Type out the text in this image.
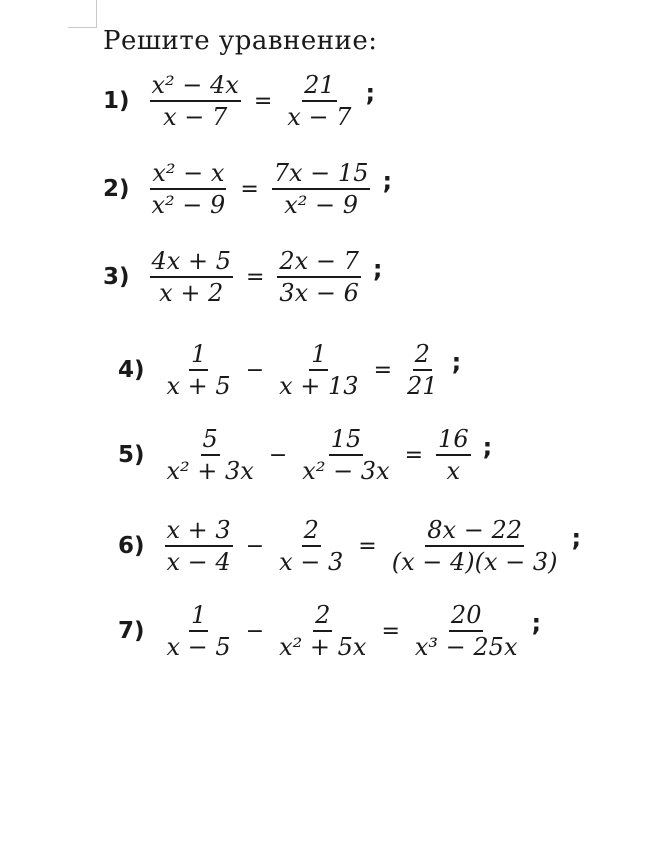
Решите уравнение:
$1) \frac{\text{x² − 4x}}{x - 7} = \frac{21}{x - 7}$ ;
$2) \frac{\text{x² − x}}{\text{x² − 9}} = \frac{7x - 15}{\text{x² − 9}}$ ;
$3) \frac{4x + 5}{x + 2} = \frac{2x - 7}{3x - 6}$ ;
$4) \frac{1}{x + 5} - \frac{1}{x + 13} = \frac{2}{21}$ ;
$5) \frac{5}{\text{x² + 3x}} - \frac{15}{\text{x² − 3x}} = \frac{16}{x}$ ;
$6) \frac{x + 3}{x - 4} - \frac{2}{x - 3} = \frac{8x - 22}{(x - 4)(x - 3)}$ ;
$7) \frac{1}{x - 5} - \frac{2}{\text{x² + 5x}} = \frac{20}{\text{x³ − 25x}}$ ;
